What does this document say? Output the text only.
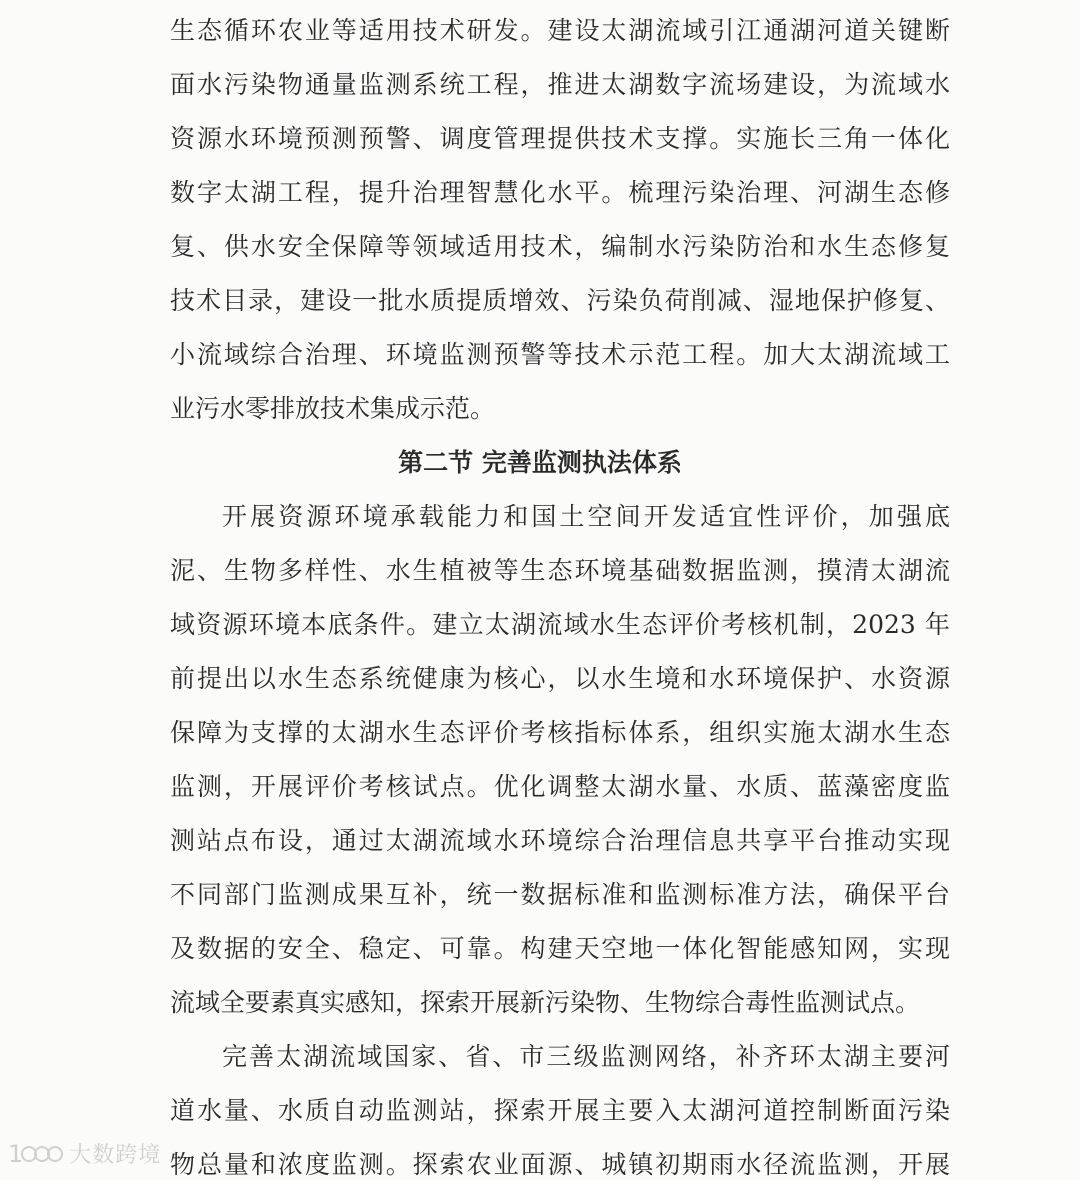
生态循环农业等适用技术研发。建设太湖流域引江通湖河道关键断
面水污染物通量监测系统工程，推进太湖数字流场建设，为流域水
资源水环境预测预警、调度管理提供技术支撑。实施长三角一体化
数字太湖工程，提升治理智慧化水平。梳理污染治理、河湖生态修
复、供水安全保障等领域适用技术，编制水污染防治和水生态修复
技术目录，建设一批水质提质增效、污染负荷削减、湿地保护修复、
小流域综合治理、环境监测预警等技术示范工程。加大太湖流域工
业污水零排放技术集成示范。
第二节 完善监测执法体系
开展资源环境承载能力和国土空间开发适宜性评价，加强底
泥、生物多样性、水生植被等生态环境基础数据监测，摸清太湖流
域资源环境本底条件。建立太湖流域水生态评价考核机制，2023 年
前提出以水生态系统健康为核心，以水生境和水环境保护、水资源
保障为支撑的太湖水生态评价考核指标体系，组织实施太湖水生态
监测，开展评价考核试点。优化调整太湖水量、水质、蓝藻密度监
测站点布设，通过太湖流域水环境综合治理信息共享平台推动实现
不同部门监测成果互补，统一数据标准和监测标准方法，确保平台
及数据的安全、稳定、可靠。构建天空地一体化智能感知网，实现
流域全要素真实感知，探索开展新污染物、生物综合毒性监测试点。
完善太湖流域国家、省、市三级监测网络，补齐环太湖主要河
道水量、水质自动监测站，探索开展主要入太湖河道控制断面污染
物总量和浓度监测。探索农业面源、城镇初期雨水径流监测，开展
1 大数跨境
